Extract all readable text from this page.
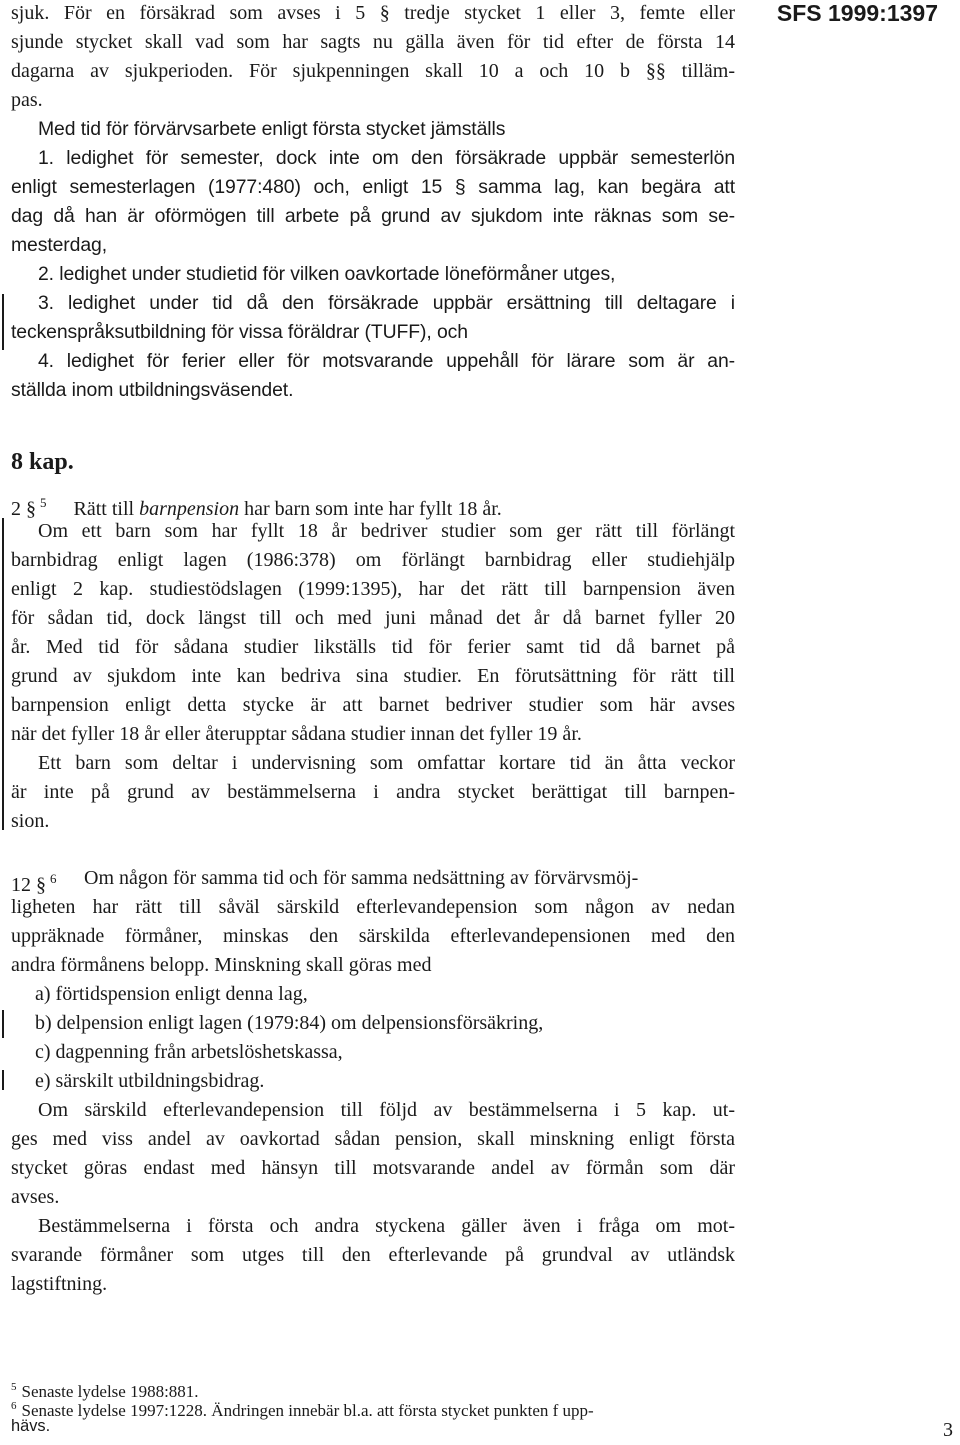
SFS 1999:1397
sjuk. För en försäkrad som avses i 5 § tredje stycket 1 eller 3, femte eller
sjunde stycket skall vad som har sagts nu gälla även för tid efter de första 14
dagarna av sjukperioden. För sjukpenningen skall 10 a och 10 b §§ tilläm-
pas.
Med tid för förvärvsarbete enligt första stycket jämställs
1. ledighet för semester, dock inte om den försäkrade uppbär semesterlön
enligt semesterlagen (1977:480) och, enligt 15 § samma lag, kan begära att
dag då han är oförmögen till arbete på grund av sjukdom inte räknas som se-
mesterdag,
2. ledighet under studietid för vilken oavkortade löneförmåner utges,
3. ledighet under tid då den försäkrade uppbär ersättning till deltagare i
teckenspråksutbildning för vissa föräldrar (TUFF), och
4. ledighet för ferier eller för motsvarande uppehåll för lärare som är an-
ställda inom utbildningsväsendet.
8 kap.
2 § $^5$ Rätt till barnpension har barn som inte har fyllt 18 år.
Om ett barn som har fyllt 18 år bedriver studier som ger rätt till förlängt
barnbidrag enligt lagen (1986:378) om förlängt barnbidrag eller studiehjälp
enligt 2 kap. studiestödslagen (1999:1395), har det rätt till barnpension även
för sådan tid, dock längst till och med juni månad det år då barnet fyller 20
år. Med tid för sådana studier likställs tid för ferier samt tid då barnet på
grund av sjukdom inte kan bedriva sina studier. En förutsättning för rätt till
barnpension enligt detta stycke är att barnet bedriver studier som här avses
när det fyller 18 år eller återupptar sådana studier innan det fyller 19 år.
Ett barn som deltar i undervisning som omfattar kortare tid än åtta veckor
är inte på grund av bestämmelserna i andra stycket berättigat till barnpen-
sion.
12 § $^6$ Om någon för samma tid och för samma nedsättning av förvärvsmöj-
ligheten har rätt till såväl särskild efterlevandepension som någon av nedan
uppräknade förmåner, minskas den särskilda efterlevandepensionen med den
andra förmånens belopp. Minskning skall göras med
a) förtidspension enligt denna lag,
b) delpension enligt lagen (1979:84) om delpensionsförsäkring,
c) dagpenning från arbetslöshetskassa,
e) särskilt utbildningsbidrag.
Om särskild efterlevandepension till följd av bestämmelserna i 5 kap. ut-
ges med viss andel av oavkortad sådan pension, skall minskning enligt första
stycket göras endast med hänsyn till motsvarande andel av förmån som där
avses.
Bestämmelserna i första och andra styckena gäller även i fråga om mot-
svarande förmåner som utges till den efterlevande på grundval av utländsk
lagstiftning.
$^5$ Senaste lydelse 1988:881.
$^6$ Senaste lydelse 1997:1228. Ändringen innebär bl.a. att första stycket punkten f upp-
hävs.	3
